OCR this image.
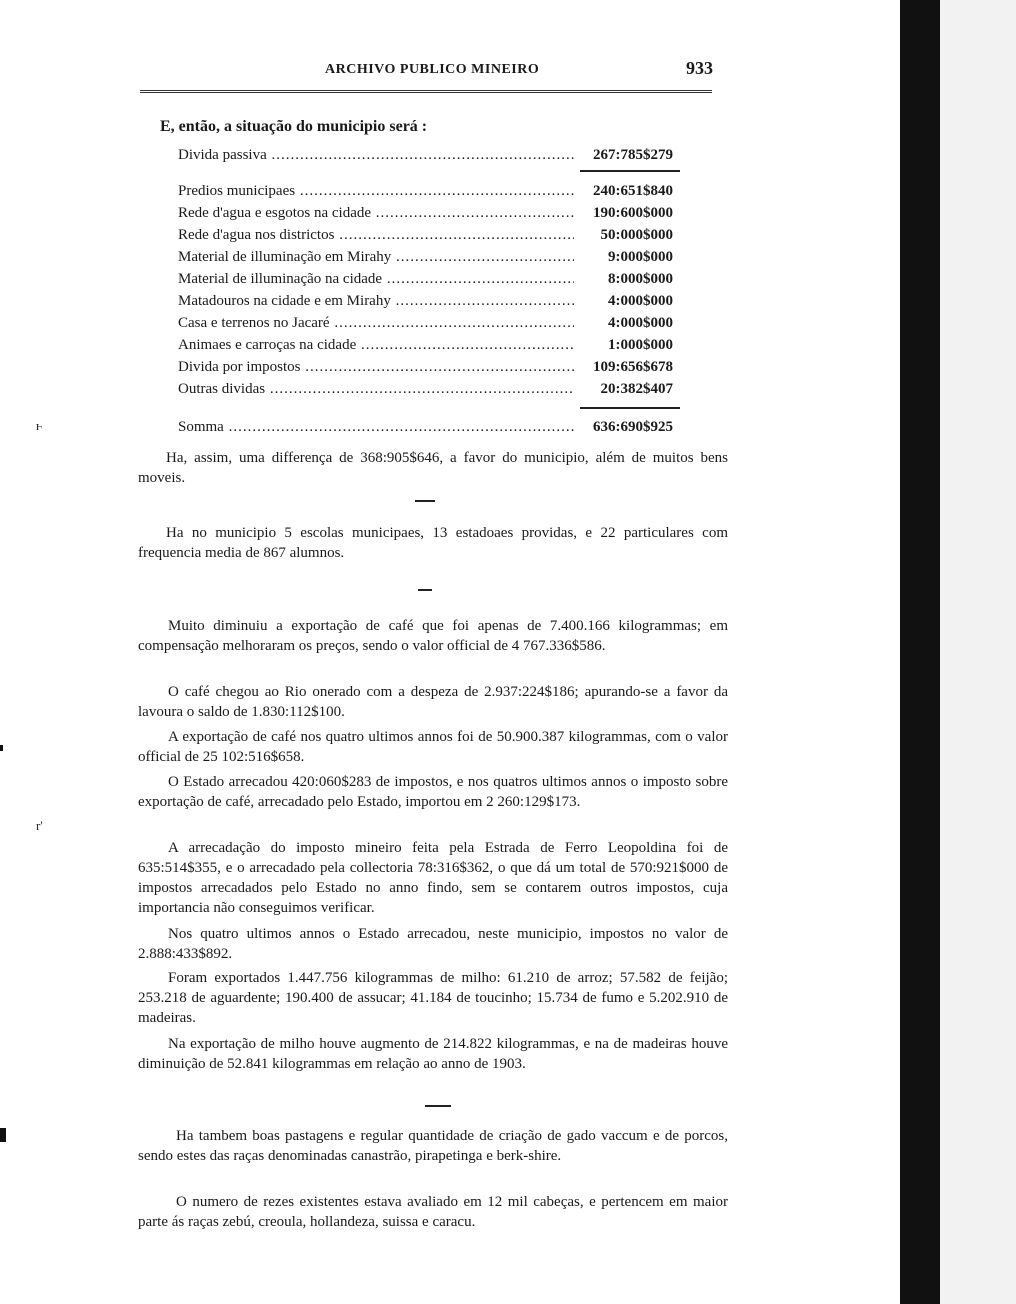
ARCHIVO PUBLICO MINEIRO	933
E, então, a situação do municipio será :
Divida passiva .....	267:785$279
Predios municipaes .....	240:651$840
Rede d'agua e esgotos na cidade .....	190:600$000
Rede d'agua nos districtos .....	50:000$000
Material de illuminação em Mirahy .....	9:000$000
Material de illuminação na cidade .....	8:000$000
Matadouros na cidade e em Mirahy .....	4:000$000
Casa e terrenos no Jacaré .....	4:000$000
Animaes e carroças na cidade .....	1:000$000
Divida por impostos .....	109:656$678
Outras dividas .....	20:382$407
Somma .....	636:690$925
ⱶ
r'
Ha, assim, uma differença de 368:905$646, a favor do municipio, além de muitos bens moveis.
Ha no municipio 5 escolas municipaes, 13 estadoaes providas, e 22 particulares com frequencia media de 867 alumnos.
Muito diminuiu a exportação de café que foi apenas de 7.400.166 kilogrammas; em compensação melhoraram os preços, sendo o valor official de 4 767.336$586.
O café chegou ao Rio onerado com a despeza de 2.937:224$186; apurando-se a favor da lavoura o saldo de 1.830:112$100.
A exportação de café nos quatro ultimos annos foi de 50.900.387 kilogrammas, com o valor official de 25 102:516$658.
O Estado arrecadou 420:060$283 de impostos, e nos quatros ultimos annos o imposto sobre exportação de café, arrecadado pelo Estado, importou em 2 260:129$173.
A arrecadação do imposto mineiro feita pela Estrada de Ferro Leopoldina foi de 635:514$355, e o arrecadado pela collectoria 78:316$362, o que dá um total de 570:921$000 de impostos arrecadados pelo Estado no anno findo, sem se contarem outros impostos, cuja importancia não conseguimos verificar.
Nos quatro ultimos annos o Estado arrecadou, neste municipio, impostos no valor de 2.888:433$892.
Foram exportados 1.447.756 kilogrammas de milho: 61.210 de arroz; 57.582 de feijão; 253.218 de aguardente; 190.400 de assucar; 41.184 de toucinho; 15.734 de fumo e 5.202.910 de madeiras.
Na exportação de milho houve augmento de 214.822 kilogrammas, e na de madeiras houve diminuição de 52.841 kilogrammas em relação ao anno de 1903.
Ha tambem boas pastagens e regular quantidade de criação de gado vaccum e de porcos, sendo estes das raças denominadas canastrão, pirapetinga e berk-shire.
O numero de rezes existentes estava avaliado em 12 mil cabeças, e pertencem em maior parte ás raças zebú, creoula, hollandeza, suissa e caracu.
